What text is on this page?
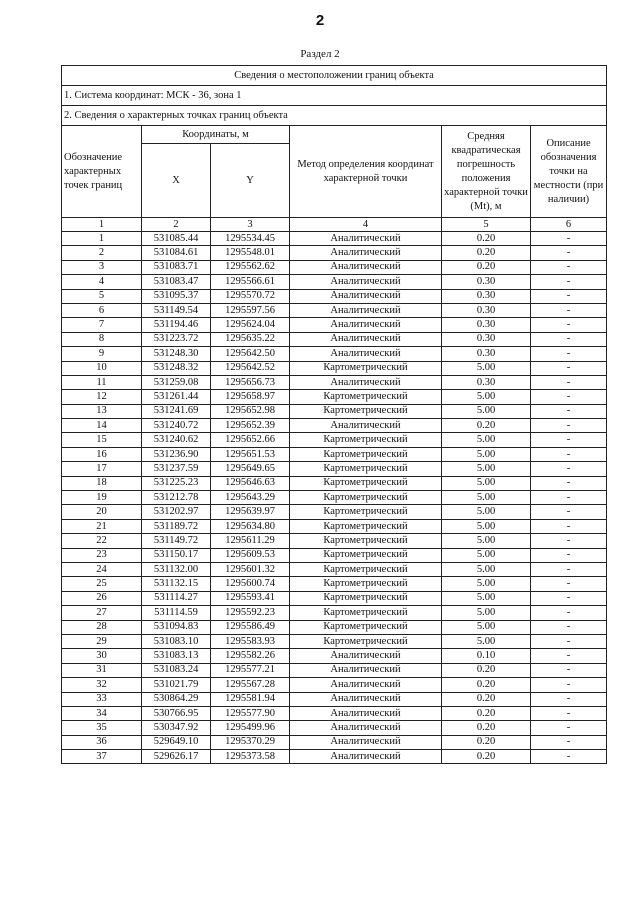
2
Раздел 2
Сведения о местоположении границ объекта					
1. Система координат: МСК - 36, зона 1					
2. Сведения о характерных точках границ объекта					
Обозначение характерных точек границ	Координаты, м		Метод определения координат характерной точки	Средняя квадратическая погрешность положения характерной точки (Mt), м	Описание обозначения точки на местности (при наличии)
	X	Y			
1	2	3	4	5	6
1	531085.44	1295534.45	Аналитический	0.20	-
2	531084.61	1295548.01	Аналитический	0.20	-
3	531083.71	1295562.62	Аналитический	0.20	-
4	531083.47	1295566.61	Аналитический	0.30	-
5	531095.37	1295570.72	Аналитический	0.30	-
6	531149.54	1295597.56	Аналитический	0.30	-
7	531194.46	1295624.04	Аналитический	0.30	-
8	531223.72	1295635.22	Аналитический	0.30	-
9	531248.30	1295642.50	Аналитический	0.30	-
10	531248.32	1295642.52	Картометрический	5.00	-
11	531259.08	1295656.73	Аналитический	0.30	-
12	531261.44	1295658.97	Картометрический	5.00	-
13	531241.69	1295652.98	Картометрический	5.00	-
14	531240.72	1295652.39	Аналитический	0.20	-
15	531240.62	1295652.66	Картометрический	5.00	-
16	531236.90	1295651.53	Картометрический	5.00	-
17	531237.59	1295649.65	Картометрический	5.00	-
18	531225.23	1295646.63	Картометрический	5.00	-
19	531212.78	1295643.29	Картометрический	5.00	-
20	531202.97	1295639.97	Картометрический	5.00	-
21	531189.72	1295634.80	Картометрический	5.00	-
22	531149.72	1295611.29	Картометрический	5.00	-
23	531150.17	1295609.53	Картометрический	5.00	-
24	531132.00	1295601.32	Картометрический	5.00	-
25	531132.15	1295600.74	Картометрический	5.00	-
26	531114.27	1295593.41	Картометрический	5.00	-
27	531114.59	1295592.23	Картометрический	5.00	-
28	531094.83	1295586.49	Картометрический	5.00	-
29	531083.10	1295583.93	Картометрический	5.00	-
30	531083.13	1295582.26	Аналитический	0.10	-
31	531083.24	1295577.21	Аналитический	0.20	-
32	531021.79	1295567.28	Аналитический	0.20	-
33	530864.29	1295581.94	Аналитический	0.20	-
34	530766.95	1295577.90	Аналитический	0.20	-
35	530347.92	1295499.96	Аналитический	0.20	-
36	529649.10	1295370.29	Аналитический	0.20	-
37	529626.17	1295373.58	Аналитический	0.20	-
